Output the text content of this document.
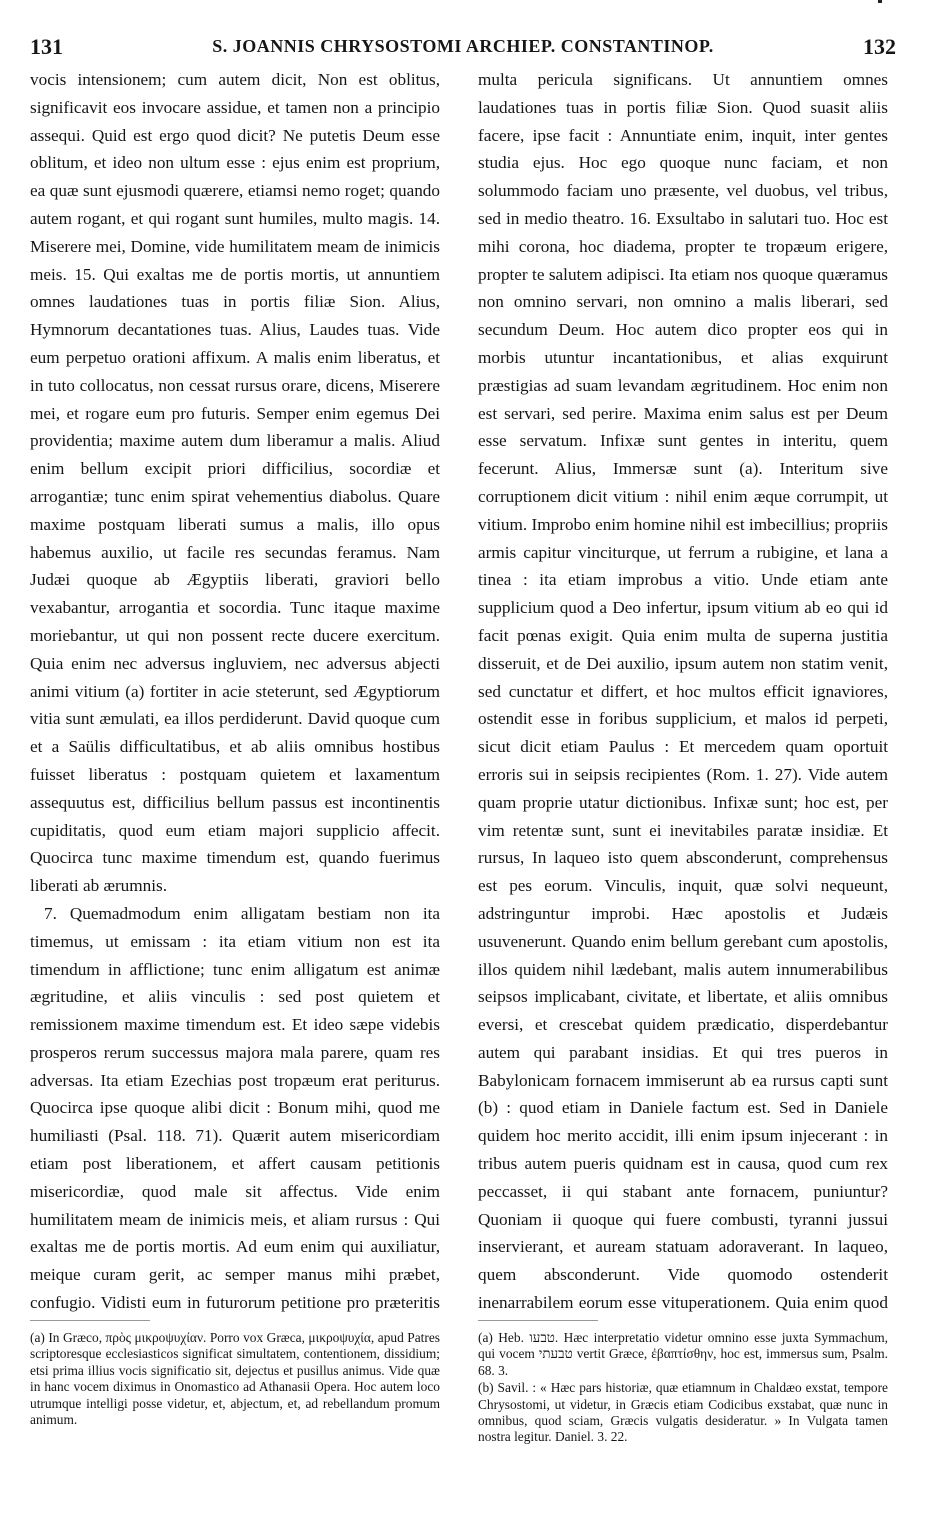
131	S. JOANNIS CHRYSOSTOMI ARCHIEP. CONSTANTINOP.	132

vocis intensionem; cum autem dicit, Non est oblitus, significavit eos invocare assidue, et tamen non a principio assequi. Quid est ergo quod dicit? Ne putetis Deum esse oblitum, et ideo non ultum esse : ejus enim est proprium, ea quæ sunt ejusmodi quærere, etiamsi nemo roget; quando autem rogant, et qui rogant sunt humiles, multo magis. 14. Miserere mei, Domine, vide humilitatem meam de inimicis meis. 15. Qui exaltas me de portis mortis, ut annuntiem omnes laudationes tuas in portis filiæ Sion. Alius, Hymnorum decantationes tuas. Alius, Laudes tuas. Vide eum perpetuo orationi affixum. A malis enim liberatus, et in tuto collocatus, non cessat rursus orare, dicens, Miserere mei, et rogare eum pro futuris. Semper enim egemus Dei providentia; maxime autem dum liberamur a malis. Aliud enim bellum excipit priori difficilius, socordiæ et arrogantiæ; tunc enim spirat vehementius diabolus. Quare maxime postquam liberati sumus a malis, illo opus habemus auxilio, ut facile res secundas feramus. Nam Judæi quoque ab Ægyptiis liberati, graviori bello vexabantur, arrogantia et socordia. Tunc itaque maxime moriebantur, ut qui non possent recte ducere exercitum. Quia enim nec adversus ingluviem, nec adversus abjecti animi vitium (a) fortiter in acie steterunt, sed Ægyptiorum vitia sunt æmulati, ea illos perdiderunt. David quoque cum et a Saülis difficultatibus, et ab aliis omnibus hostibus fuisset liberatus : postquam quietem et laxamentum assequutus est, difficilius bellum passus est incontinentis cupiditatis, quod eum etiam majori supplicio affecit. Quocirca tunc maxime timendum est, quando fuerimus liberati ab ærumnis.

7. Quemadmodum enim alligatam bestiam non ita timemus, ut emissam : ita etiam vitium non est ita timendum in afflictione; tunc enim alligatum est animæ ægritudine, et aliis vinculis : sed post quietem et remissionem maxime timendum est. Et ideo sæpe videbis prosperos rerum successus majora mala parere, quam res adversas. Ita etiam Ezechias post tropæum erat periturus. Quocirca ipse quoque alibi dicit : Bonum mihi, quod me humiliasti (Psal. 118. 71). Quærit autem misericordiam etiam post liberationem, et affert causam petitionis misericordiæ, quod male sit affectus. Vide enim humilitatem meam de inimicis meis, et aliam rursus : Qui exaltas me de portis mortis. Ad eum enim qui auxiliatur, meique curam gerit, ac semper manus mihi præbet, confugio. Vidisti eum in futurorum petitione pro præteritis

multa pericula significans. Ut annuntiem omnes laudationes tuas in portis filiæ Sion. Quod suasit aliis facere, ipse facit : Annuntiate enim, inquit, inter gentes studia ejus. Hoc ego quoque nunc faciam, et non solummodo faciam uno præsente, vel duobus, vel tribus, sed in medio theatro. 16. Exsultabo in salutari tuo. Hoc est mihi corona, hoc diadema, propter te tropæum erigere, propter te salutem adipisci. Ita etiam nos quoque quæramus non omnino servari, non omnino a malis liberari, sed secundum Deum. Hoc autem dico propter eos qui in morbis utuntur incantationibus, et alias exquirunt præstigias ad suam levandam ægritudinem. Hoc enim non est servari, sed perire. Maxima enim salus est per Deum esse servatum. Infixæ sunt gentes in interitu, quem fecerunt. Alius, Immersæ sunt (a). Interitum sive corruptionem dicit vitium : nihil enim æque corrumpit, ut vitium. Improbo enim homine nihil est imbecillius; propriis armis capitur vinciturque, ut ferrum a rubigine, et lana a tinea : ita etiam improbus a vitio. Unde etiam ante supplicium quod a Deo infertur, ipsum vitium ab eo qui id facit pœnas exigit. Quia enim multa de superna justitia disseruit, et de Dei auxilio, ipsum autem non statim venit, sed cunctatur et differt, et hoc multos efficit ignaviores, ostendit esse in foribus supplicium, et malos id perpeti, sicut dicit etiam Paulus : Et mercedem quam oportuit erroris sui in seipsis recipientes (Rom. 1. 27). Vide autem quam proprie utatur dictionibus. Infixæ sunt; hoc est, per vim retentæ sunt, sunt ei inevitabiles paratæ insidiæ. Et rursus, In laqueo isto quem absconderunt, comprehensus est pes eorum. Vinculis, inquit, quæ solvi nequeunt, adstringuntur improbi. Hæc apostolis et Judæis usuvenerunt. Quando enim bellum gerebant cum apostolis, illos quidem nihil lædebant, malis autem innumerabilibus seipsos implicabant, civitate, et libertate, et aliis omnibus eversi, et crescebat quidem prædicatio, disperdebantur autem qui parabant insidias. Et qui tres pueros in Babylonicam fornacem immiserunt ab ea rursus capti sunt (b) : quod etiam in Daniele factum est. Sed in Daniele quidem hoc merito accidit, illi enim ipsum injecerant : in tribus autem pueris quidnam est in causa, quod cum rex peccasset, ii qui stabant ante fornacem, puniuntur? Quoniam ii quoque qui fuere combusti, tyranni jussui inservierant, et auream statuam adoraverant. In laqueo, quem absconderunt. Vide quomodo ostenderit inenarrabilem eorum esse vituperationem. Quia enim quod

(a) In Græco, πρὸς μικροψυχίαν. Porro vox Græca, μικροψυχία, apud Patres scriptoresque ecclesiasticos significat simultatem, contentionem, dissidium; etsi prima illius vocis significatio sit, dejectus et pusillus animus. Vide quæ in hanc vocem diximus in Onomastico ad Athanasii Opera. Hoc autem loco utrumque intelligi posse videtur, et, abjectum, et, ad rebellandum promum animum.

(a) Heb. טבעו. Hæc interpretatio videtur omnino esse juxta Symmachum, qui vocem טבעתי vertit Græce, ἐβαπτίσθην, hoc est, immersus sum, Psalm. 68. 3.

(b) Savil. : « Hæc pars historiæ, quæ etiamnum in Chaldæo exstat, tempore Chrysostomi, ut videtur, in Græcis etiam Codicibus exstabat, quæ nunc in omnibus, quod sciam, Græcis vulgatis desideratur. » In Vulgata tamen nostra legitur. Daniel. 3. 22.
